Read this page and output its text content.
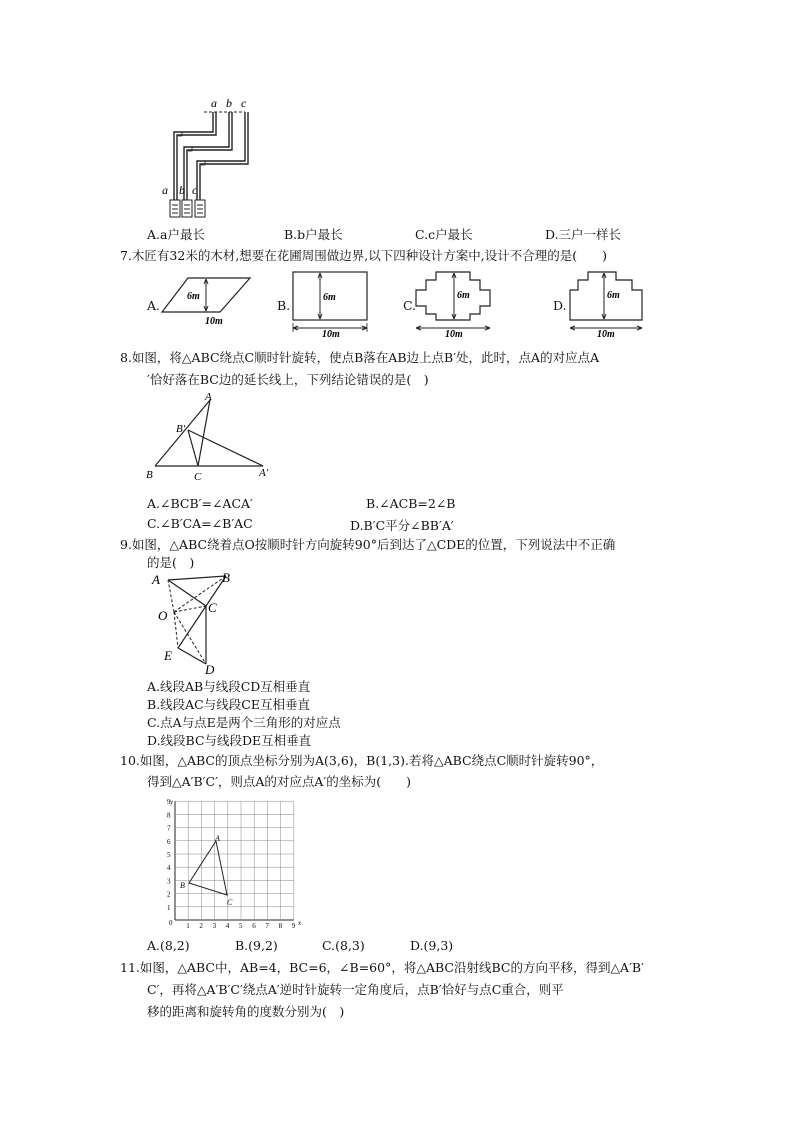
a b c
a b c
A.a户最长	B.b户最长	C.c户最长	D.三户一样长
7.木匠有32米的木材,想要在花圃周围做边界,以下四种设计方案中,设计不合理的是(　　)
A.
6m
10m
B.
6m
10m
C.
6m
10m
D.
6m
10m
8.如图，将△ABC绕点C顺时针旋转，使点B落在AB边上点B′处，此时，点A的对应点A
′恰好落在BC边的延长线上，下列结论错误的是(　)
A
B′
B	C	A′
A.∠BCB′=∠ACA′	B.∠ACB=2∠B
C.∠B′CA=∠B′AC	D.B′C平分∠BB′A′
9.如图，△ABC绕着点O按顺时针方向旋转90°后到达了△CDE的位置，下列说法中不正确
的是(　)
A	B
O
C
E
D
A.线段AB与线段CD互相垂直
B.线段AC与线段CE互相垂直
C.点A与点E是两个三角形的对应点
D.线段BC与线段DE互相垂直
10.如图，△ABC的顶点坐标分别为A(3,6)，B(1,3).若将△ABC绕点C顺时针旋转90°，
得到△A′B′C′，则点A的对应点A′的坐标为(　　)
1 2 3 4 5 6 7 8 9
1
2
3
4
5
6
7
8
9
A
B
C
x
y
0
A.(8,2)	B.(9,2)	C.(8,3)	D.(9,3)
11.如图，△ABC中，AB=4，BC=6，∠B=60°，将△ABC沿射线BC的方向平移，得到△A′B′
C′，再将△A′B′C′绕点A′逆时针旋转一定角度后，点B′恰好与点C重合，则平
移的距离和旋转角的度数分别为(　)
